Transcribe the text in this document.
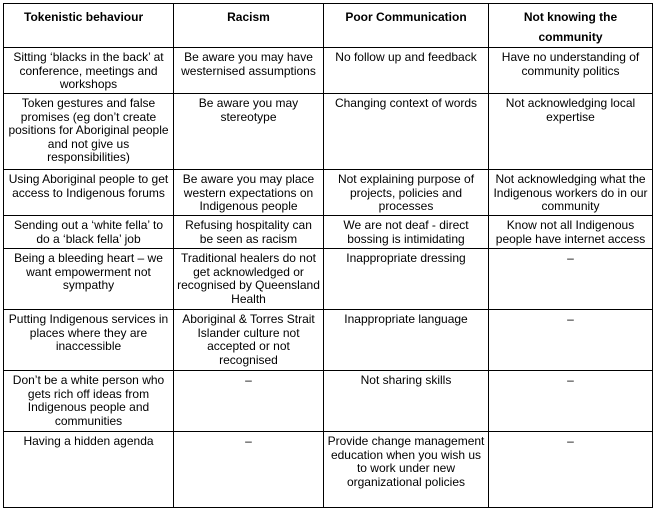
Tokenistic behaviour	Racism	Poor Communication	Not knowing the community
Sitting ‘blacks in the back’ at conference, meetings and workshops	Be aware you may have westernised assumptions	No follow up and feedback	Have no understanding of community politics
Token gestures and false promises (eg don’t create positions for Aboriginal people and not give us responsibilities)	Be aware you may stereotype	Changing context of words	Not acknowledging local expertise
Using Aboriginal people to get access to Indigenous forums	Be aware you may place western expectations on Indigenous people	Not explaining purpose of projects, policies and processes	Not acknowledging what the Indigenous workers do in our community
Sending out a ‘white fella’ to do a ‘black fella’ job	Refusing hospitality can be seen as racism	We are not deaf - direct bossing is intimidating	Know not all Indigenous people have internet access
Being a bleeding heart – we want empowerment not sympathy	Traditional healers do not get acknowledged or recognised by Queensland Health	Inappropriate dressing	–
Putting Indigenous services in places where they are inaccessible	Aboriginal & Torres Strait Islander culture not accepted or not recognised	Inappropriate language	–
Don’t be a white person who gets rich off ideas from Indigenous people and communities	–	Not sharing skills	–
Having a hidden agenda	–	Provide change management education when you wish us to work under new organizational policies	–
